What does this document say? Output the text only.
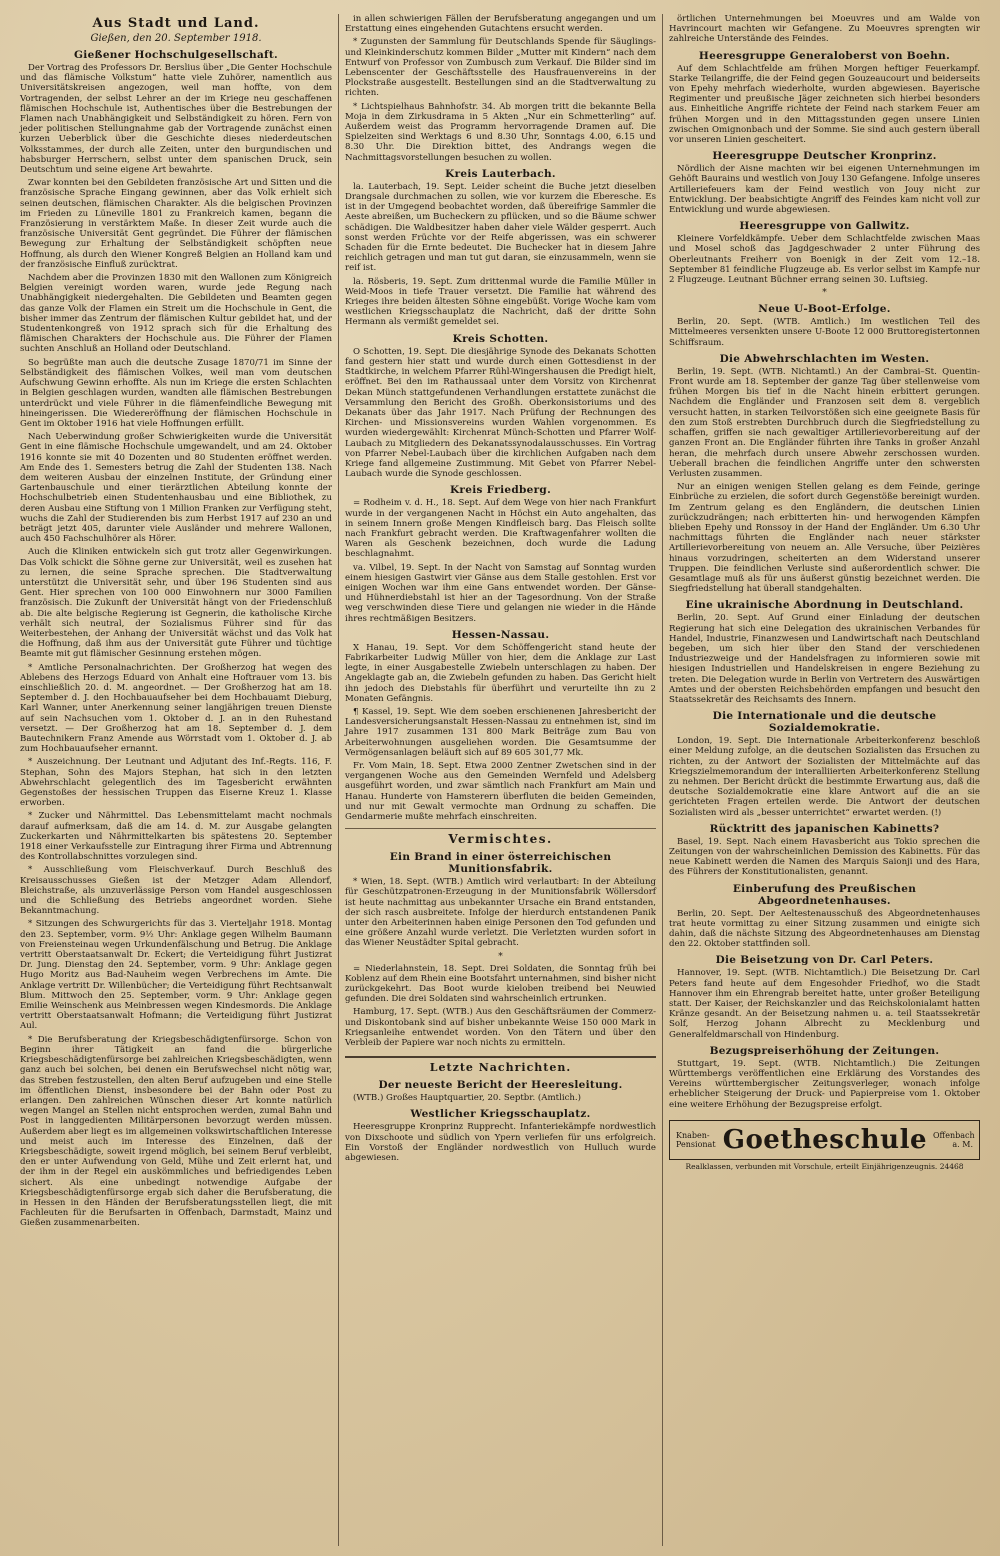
Aus Stadt und Land.
Gießen, den 20. September 1918.
Gießener Hochschulgesellschaft.

Der Vortrag des Professors Dr. Berslius über „Die Genter Hochschule und das flämische Volkstum“ hatte viele Zuhörer, namentlich aus Universitätskreisen angezogen, weil man hoffte, von dem Vortragenden, der selbst Lehrer an der im Kriege neu geschaffenen flämischen Hochschule ist, Authentisches über die Bestrebungen der Flamen nach Unabhängigkeit und Selbständigkeit zu hören. Fern von jeder politischen Stellungnahme gab der Vortragende zunächst einen kurzen Ueberblick über die Geschichte dieses niederdeutschen Volksstammes, der durch alle Zeiten, unter den burgundischen und habsburger Herrschern, selbst unter dem spanischen Druck, sein Deutschtum und seine eigene Art bewahrte.

Zwar konnten bei den Gebildeten französische Art und Sitten und die französische Sprache Eingang gewinnen, aber das Volk erhielt sich seinen deutschen, flämischen Charakter. Als die belgischen Provinzen im Frieden zu Lüneville 1801 zu Frankreich kamen, begann die Französierung in verstärktem Maße. In dieser Zeit wurde auch die französische Universität Gent gegründet. Die Führer der flämischen Bewegung zur Erhaltung der Selbständigkeit schöpften neue Hoffnung, als durch den Wiener Kongreß Belgien an Holland kam und der französische Einfluß zurücktrat.

Nachdem aber die Provinzen 1830 mit den Wallonen zum Königreich Belgien vereinigt worden waren, wurde jede Regung nach Unabhängigkeit niedergehalten. Die Gebildeten und Beamten gegen das ganze Volk der Flamen ein Streit um die Hochschule in Gent, die bisher immer das Zentrum der flämischen Kultur gebildet hat, und der Studentenkongreß von 1912 sprach sich für die Erhaltung des flämischen Charakters der Hochschule aus. Die Führer der Flamen suchten Anschluß an Holland oder Deutschland.

So begrüßte man auch die deutsche Zusage 1870/71 im Sinne der Selbständigkeit des flämischen Volkes, weil man vom deutschen Aufschwung Gewinn erhoffte. Als nun im Kriege die ersten Schlachten in Belgien geschlagen wurden, wandten alle flämischen Bestrebungen unterdrückt und viele Führer in die flämenfeindliche Bewegung mit hineingerissen. Die Wiedereröffnung der flämischen Hochschule in Gent im Oktober 1916 hat viele Hoffnungen erfüllt.

Nach Ueberwindung großer Schwierigkeiten wurde die Universität Gent in eine flämische Hochschule umgewandelt, und am 24. Oktober 1916 konnte sie mit 40 Dozenten und 80 Studenten eröffnet werden. Am Ende des 1. Semesters betrug die Zahl der Studenten 138. Nach dem weiteren Ausbau der einzelnen Institute, der Gründung einer Gartenbauschule und einer tierärztlichen Abteilung konnte der Hochschulbetrieb einen Studentenhausbau und eine Bibliothek, zu deren Ausbau eine Stiftung von 1 Million Franken zur Verfügung steht, wuchs die Zahl der Studierenden bis zum Herbst 1917 auf 230 an und beträgt jetzt 405, darunter viele Ausländer und mehrere Wallonen, auch 450 Fachschulhörer als Hörer.

Auch die Kliniken entwickeln sich gut trotz aller Gegenwirkungen. Das Volk schickt die Söhne gerne zur Universität, weil es zusehen hat zu lernen, die seine Sprache sprechen. Die Stadtverwaltung unterstützt die Universität sehr, und über 196 Studenten sind aus Gent. Hier sprechen von 100 000 Einwohnern nur 3000 Familien französisch. Die Zukunft der Universität hängt von der Friedenschluß ab. Die alte belgische Regierung ist Gegnerin, die katholische Kirche verhält sich neutral, der Sozialismus Führer sind für das Weiterbestehen, der Anhang der Universität wächst und das Volk hat die Hoffnung, daß ihm aus der Universität gute Führer und tüchtige Beamte mit gut flämischer Gesinnung erstehen mögen.

* Amtliche Personalnachrichten. Der Großherzog hat wegen des Ablebens des Herzogs Eduard von Anhalt eine Hoftrauer vom 13. bis einschließlich 20. d. M. angeordnet. — Der Großherzog hat am 18. September d. J. den Hochbauaufseher bei dem Hochbauamt Dieburg, Karl Wanner, unter Anerkennung seiner langjährigen treuen Dienste auf sein Nachsuchen vom 1. Oktober d. J. an in den Ruhestand versetzt. — Der Großherzog hat am 18. September d. J. dem Bautechnikern Franz Amende aus Wörrstadt vom 1. Oktober d. J. ab zum Hochbauaufseher ernannt.

* Auszeichnung. Der Leutnant und Adjutant des Inf.-Regts. 116, F. Stephan, Sohn des Majors Stephan, hat sich in den letzten Abwehrschlacht gelegentlich des im Tagesbericht erwähnten Gegenstoßes der hessischen Truppen das Eiserne Kreuz 1. Klasse erworben.

* Zucker und Nährmittel. Das Lebensmittelamt macht nochmals darauf aufmerksam, daß die am 14. d. M. zur Ausgabe gelangten Zuckerkarten und Nährmittelkarten bis spätestens 20. September 1918 einer Verkaufsstelle zur Eintragung ihrer Firma und Abtrennung des Kontrollabschnittes vorzulegen sind.

* Ausschließung vom Fleischverkauf. Durch Beschluß des Kreisausschusses Gießen ist der Metzger Adam Allendorf, Bleichstraße, als unzuverlässige Person vom Handel ausgeschlossen und die Schließung des Betriebs angeordnet worden. Siehe Bekanntmachung.

* Sitzungen des Schwurgerichts für das 3. Vierteljahr 1918. Montag den 23. September, vorm. 9½ Uhr: Anklage gegen Wilhelm Baumann von Freiensteinau wegen Urkundenfälschung und Betrug. Die Anklage vertritt Oberstaatsanwalt Dr. Eckert; die Verteidigung führt Justizrat Dr. Jung. Dienstag den 24. September, vorm. 9 Uhr: Anklage gegen Hugo Moritz aus Bad-Nauheim wegen Verbrechens im Amte. Die Anklage vertritt Dr. Willenbücher; die Verteidigung führt Rechtsanwalt Blum. Mittwoch den 25. September, vorm. 9 Uhr: Anklage gegen Emilie Weinschenk aus Meinbressen wegen Kindesmords. Die Anklage vertritt Oberstaatsanwalt Hofmann; die Verteidigung führt Justizrat Aul.

* Die Berufsberatung der Kriegsbeschädigtenfürsorge. Schon von Beginn ihrer Tätigkeit an fand die bürgerliche Kriegsbeschädigtenfürsorge bei zahlreichen Kriegsbeschädigten, wenn ganz auch bei solchen, bei denen ein Berufswechsel nicht nötig war, das Streben festzustellen, den alten Beruf aufzugeben und eine Stelle im öffentlichen Dienst, insbesondere bei der Bahn oder Post zu erlangen. Den zahlreichen Wünschen dieser Art konnte natürlich wegen Mangel an Stellen nicht entsprochen werden, zumal Bahn und Post in langgedienten Militärpersonen bevorzugt werden müssen. Außerdem aber liegt es im allgemeinen volkswirtschaftlichen Interesse und meist auch im Interesse des Einzelnen, daß der Kriegsbeschädigte, soweit irgend möglich, bei seinem Beruf verbleibt, den er unter Aufwendung von Geld, Mühe und Zeit erlernt hat, und der ihm in der Regel ein auskömmliches und befriedigendes Leben sichert. Als eine unbedingt notwendige Aufgabe der Kriegsbeschädigtenfürsorge ergab sich daher die Berufsberatung, die in Hessen in den Händen der Berufsberatungsstellen liegt, die mit Fachleuten für die Berufsarten in Offenbach, Darmstadt, Mainz und Gießen zusammenarbeiten.

in allen schwierigen Fällen der Berufsberatung angegangen und um Erstattung eines eingehenden Gutachtens ersucht werden.

* Zugunsten der Sammlung für Deutschlands Spende für Säuglings- und Kleinkinderschutz kommen Bilder „Mutter mit Kindern“ nach dem Entwurf von Professor von Zumbusch zum Verkauf. Die Bilder sind im Lebenscenter der Geschäftsstelle des Hausfrauenvereins in der Plockstraße ausgestellt. Bestellungen sind an die Stadtverwaltung zu richten.

* Lichtspielhaus Bahnhofstr. 34. Ab morgen tritt die bekannte Bella Moja in dem Zirkusdrama in 5 Akten „Nur ein Schmetterling“ auf. Außerdem weist das Programm hervorragende Dramen auf. Die Spielzeiten sind Werktags 6 und 8.30 Uhr, Sonntags 4.00, 6.15 und 8.30 Uhr. Die Direktion bittet, des Andrangs wegen die Nachmittagsvorstellungen besuchen zu wollen.

Kreis Lauterbach.

la. Lauterbach, 19. Sept. Leider scheint die Buche jetzt dieselben Drangsale durchmachen zu sollen, wie vor kurzem die Eberesche. Es ist in der Umgegend beobachtet worden, daß übereifrige Sammler die Aeste abreißen, um Bucheckern zu pflücken, und so die Bäume schwer schädigen. Die Waldbesitzer haben daher viele Wälder gesperrt. Auch sonst werden Früchte vor der Reife abgerissen, was ein schwerer Schaden für die Ernte bedeutet. Die Buchecker hat in diesem Jahre reichlich getragen und man tut gut daran, sie einzusammeln, wenn sie reif ist.

la. Rösberis, 19. Sept. Zum drittenmal wurde die Familie Müller in Weid-Moos in tiefe Trauer versetzt. Die Familie hat während des Krieges ihre beiden ältesten Söhne eingebüßt. Vorige Woche kam vom westlichen Kriegsschauplatz die Nachricht, daß der dritte Sohn Hermann als vermißt gemeldet sei.

Kreis Schotten.

O Schotten, 19. Sept. Die diesjährige Synode des Dekanats Schotten fand gestern hier statt und wurde durch einen Gottesdienst in der Stadtkirche, in welchem Pfarrer Rühl-Wingershausen die Predigt hielt, eröffnet. Bei den im Rathaussaal unter dem Vorsitz von Kirchenrat Dekan Münch stattgefundenen Verhandlungen erstattete zunächst die Versammlung den Bericht des Großh. Oberkonsistoriums und des Dekanats über das Jahr 1917. Nach Prüfung der Rechnungen des Kirchen- und Missionsvereins wurden Wahlen vorgenommen. Es wurden wiedergewählt: Kirchenrat Münch-Schotten und Pfarrer Wolf-Laubach zu Mitgliedern des Dekanatssynodalausschusses. Ein Vortrag von Pfarrer Nebel-Laubach über die kirchlichen Aufgaben nach dem Kriege fand allgemeine Zustimmung. Mit Gebet von Pfarrer Nebel-Laubach wurde die Synode geschlossen.

Kreis Friedberg.

= Rodheim v. d. H., 18. Sept. Auf dem Wege von hier nach Frankfurt wurde in der vergangenen Nacht in Höchst ein Auto angehalten, das in seinem Innern große Mengen Kindfleisch barg. Das Fleisch sollte nach Frankfurt gebracht werden. Die Kraftwagenfahrer wollten die Waren als Geschenk bezeichnen, doch wurde die Ladung beschlagnahmt.

va. Vilbel, 19. Sept. In der Nacht von Samstag auf Sonntag wurden einem hiesigen Gastwirt vier Gänse aus dem Stalle gestohlen. Erst vor einigen Wochen war ihm eine Gans entwendet worden. Der Gänse- und Hühnerdiebstahl ist hier an der Tagesordnung. Von der Straße weg verschwinden diese Tiere und gelangen nie wieder in die Hände ihres rechtmäßigen Besitzers.

Hessen-Nassau.

X Hanau, 19. Sept. Vor dem Schöffengericht stand heute der Fabrikarbeiter Ludwig Müller von hier, dem die Anklage zur Last legte, in einer Ausgabestelle Zwiebeln unterschlagen zu haben. Der Angeklagte gab an, die Zwiebeln gefunden zu haben. Das Gericht hielt ihn jedoch des Diebstahls für überführt und verurteilte ihn zu 2 Monaten Gefängnis.

¶ Kassel, 19. Sept. Wie dem soeben erschienenen Jahresbericht der Landesversicherungsanstalt Hessen-Nassau zu entnehmen ist, sind im Jahre 1917 zusammen 131 800 Mark Beiträge zum Bau von Arbeiterwohnungen ausgeliehen worden. Die Gesamtsumme der Vermögensanlagen beläuft sich auf 89 605 301,77 Mk.

Fr. Vom Main, 18. Sept. Etwa 2000 Zentner Zwetschen sind in der vergangenen Woche aus den Gemeinden Wernfeld und Adelsberg ausgeführt worden, und zwar sämtlich nach Frankfurt am Main und Hanau. Hunderte von Hamsterern überfluten die beiden Gemeinden, und nur mit Gewalt vermochte man Ordnung zu schaffen. Die Gendarmerie mußte mehrfach einschreiten.

Vermischtes.
Ein Brand in einer österreichischen Munitionsfabrik.

* Wien, 18. Sept. (WTB.) Amtlich wird verlautbart: In der Abteilung für Geschützpatronen-Erzeugung in der Munitionsfabrik Wöllersdorf ist heute nachmittag aus unbekannter Ursache ein Brand entstanden, der sich rasch ausbreitete. Infolge der hierdurch entstandenen Panik unter den Arbeiterinnen haben einige Personen den Tod gefunden und eine größere Anzahl wurde verletzt. Die Verletzten wurden sofort in das Wiener Neustädter Spital gebracht.

*

= Niederlahnstein, 18. Sept. Drei Soldaten, die Sonntag früh bei Koblenz auf dem Rhein eine Bootsfahrt unternahmen, sind bisher nicht zurückgekehrt. Das Boot wurde kieloben treibend bei Neuwied gefunden. Die drei Soldaten sind wahrscheinlich ertrunken.

Hamburg, 17. Sept. (WTB.) Aus den Geschäftsräumen der Commerz- und Diskontobank sind auf bisher unbekannte Weise 150 000 Mark in Kriegsanleihe entwendet worden. Von den Tätern und über den Verbleib der Papiere war noch nichts zu ermitteln.

Letzte Nachrichten.
Der neueste Bericht der Heeresleitung.

(WTB.) Großes Hauptquartier, 20. Septbr. (Amtlich.)

Westlicher Kriegsschauplatz.

Heeresgruppe Kronprinz Rupprecht. Infanteriekämpfe nordwestlich von Dixschoote und südlich von Ypern verliefen für uns erfolgreich. Ein Vorstoß der Engländer nordwestlich von Hulluch wurde abgewiesen.

örtlichen Unternehmungen bei Moeuvres und am Walde von Havrincourt machten wir Gefangene. Zu Moeuvres sprengten wir zahlreiche Unterstände des Feindes.

Heeresgruppe Generaloberst von Boehn.

Auf dem Schlachtfelde am frühen Morgen heftiger Feuerkampf. Starke Teilangriffe, die der Feind gegen Gouzeaucourt und beiderseits von Epehy mehrfach wiederholte, wurden abgewiesen. Bayerische Regimenter und preußische Jäger zeichneten sich hierbei besonders aus. Einheitliche Angriffe richtete der Feind nach starkem Feuer am frühen Morgen und in den Mittagsstunden gegen unsere Linien zwischen Omignonbach und der Somme. Sie sind auch gestern überall vor unseren Linien gescheitert.

Heeresgruppe Deutscher Kronprinz.

Nördlich der Aisne machten wir bei eigenen Unternehmungen im Gehöft Baurains und westlich von Jouy 130 Gefangene. Infolge unseres Artilleriefeuers kam der Feind westlich von Jouy nicht zur Entwicklung. Der beabsichtigte Angriff des Feindes kam nicht voll zur Entwicklung und wurde abgewiesen.

Heeresgruppe von Gallwitz.

Kleinere Vorfeldkämpfe. Ueber dem Schlachtfelde zwischen Maas und Mosel schoß das Jagdgeschwader 2 unter Führung des Oberleutnants Freiherr von Boenigk in der Zeit vom 12.–18. September 81 feindliche Flugzeuge ab. Es verlor selbst im Kampfe nur 2 Flugzeuge. Leutnant Büchner errang seinen 30. Luftsieg.

*
Neue U-Boot-Erfolge.

Berlin, 20. Sept. (WTB. Amtlich.) Im westlichen Teil des Mittelmeeres versenkten unsere U-Boote 12 000 Bruttoregistertonnen Schiffsraum.

Die Abwehrschlachten im Westen.

Berlin, 19. Sept. (WTB. Nichtamtl.) An der Cambrai–St. Quentin-Front wurde am 18. September der ganze Tag über stellenweise vom frühen Morgen bis tief in die Nacht hinein erbittert gerungen. Nachdem die Engländer und Franzosen seit dem 8. vergeblich versucht hatten, in starken Teilvorstößen sich eine geeignete Basis für den zum Stoß erstrebten Durchbruch durch die Siegfriedstellung zu schaffen, griffen sie nach gewaltiger Artillerievorbereitung auf der ganzen Front an. Die Engländer führten ihre Tanks in großer Anzahl heran, die mehrfach durch unsere Abwehr zerschossen wurden. Ueberall brachen die feindlichen Angriffe unter den schwersten Verlusten zusammen.

Nur an einigen wenigen Stellen gelang es dem Feinde, geringe Einbrüche zu erzielen, die sofort durch Gegenstöße bereinigt wurden. Im Zentrum gelang es den Engländern, die deutschen Linien zurückzudrängen; nach erbitterten hin- und herwogenden Kämpfen blieben Epehy und Ronssoy in der Hand der Engländer. Um 6.30 Uhr nachmittags führten die Engländer nach neuer stärkster Artillerievorbereitung von neuem an. Alle Versuche, über Peizières hinaus vorzudringen, scheiterten an dem Widerstand unserer Truppen. Die feindlichen Verluste sind außerordentlich schwer. Die Gesamtlage muß als für uns äußerst günstig bezeichnet werden. Die Siegfriedstellung hat überall standgehalten.

Eine ukrainische Abordnung in Deutschland.

Berlin, 20. Sept. Auf Grund einer Einladung der deutschen Regierung hat sich eine Delegation des ukrainischen Verbandes für Handel, Industrie, Finanzwesen und Landwirtschaft nach Deutschland begeben, um sich hier über den Stand der verschiedenen Industriezweige und der Handelsfragen zu informieren sowie mit hiesigen Industriellen und Handelskreisen in engere Beziehung zu treten. Die Delegation wurde in Berlin von Vertretern des Auswärtigen Amtes und der obersten Reichsbehörden empfangen und besucht den Staatssekretär des Reichsamts des Innern.

Die Internationale und die deutsche Sozialdemokratie.

London, 19. Sept. Die Internationale Arbeiterkonferenz beschloß einer Meldung zufolge, an die deutschen Sozialisten das Ersuchen zu richten, zu der Antwort der Sozialisten der Mittelmächte auf das Kriegszielmemorandum der interalliierten Arbeiterkonferenz Stellung zu nehmen. Der Bericht drückt die bestimmte Erwartung aus, daß die deutsche Sozialdemokratie eine klare Antwort auf die an sie gerichteten Fragen erteilen werde. Die Antwort der deutschen Sozialisten wird als „besser unterrichtet“ erwartet werden. (!)

Rücktritt des japanischen Kabinetts?

Basel, 19. Sept. Nach einem Havasbericht aus Tokio sprechen die Zeitungen von der wahrscheinlichen Demission des Kabinetts. Für das neue Kabinett werden die Namen des Marquis Saionji und des Hara, des Führers der Konstitutionalisten, genannt.

Einberufung des Preußischen Abgeordnetenhauses.

Berlin, 20. Sept. Der Aeltestenausschuß des Abgeordnetenhauses trat heute vormittag zu einer Sitzung zusammen und einigte sich dahin, daß die nächste Sitzung des Abgeordnetenhauses am Dienstag den 22. Oktober stattfinden soll.

Die Beisetzung von Dr. Carl Peters.

Hannover, 19. Sept. (WTB. Nichtamtlich.) Die Beisetzung Dr. Carl Peters fand heute auf dem Engesohder Friedhof, wo die Stadt Hannover ihm ein Ehrengrab bereitet hatte, unter großer Beteiligung statt. Der Kaiser, der Reichskanzler und das Reichskolonialamt hatten Kränze gesandt. An der Beisetzung nahmen u. a. teil Staatssekretär Solf, Herzog Johann Albrecht zu Mecklenburg und Generalfeldmarschall von Hindenburg.

Bezugspreiserhöhung der Zeitungen.

Stuttgart, 19. Sept. (WTB. Nichtamtlich.) Die Zeitungen Württembergs veröffentlichen eine Erklärung des Vorstandes des Vereins württembergischer Zeitungsverleger, wonach infolge erheblicher Steigerung der Druck- und Papierpreise vom 1. Oktober eine weitere Erhöhung der Bezugspreise erfolgt.

Knaben-Pensionat Goetheschule Offenbach a. M.
Realklassen, verbunden mit Vorschule, erteilt Einjährigenzeugnis. 24468
